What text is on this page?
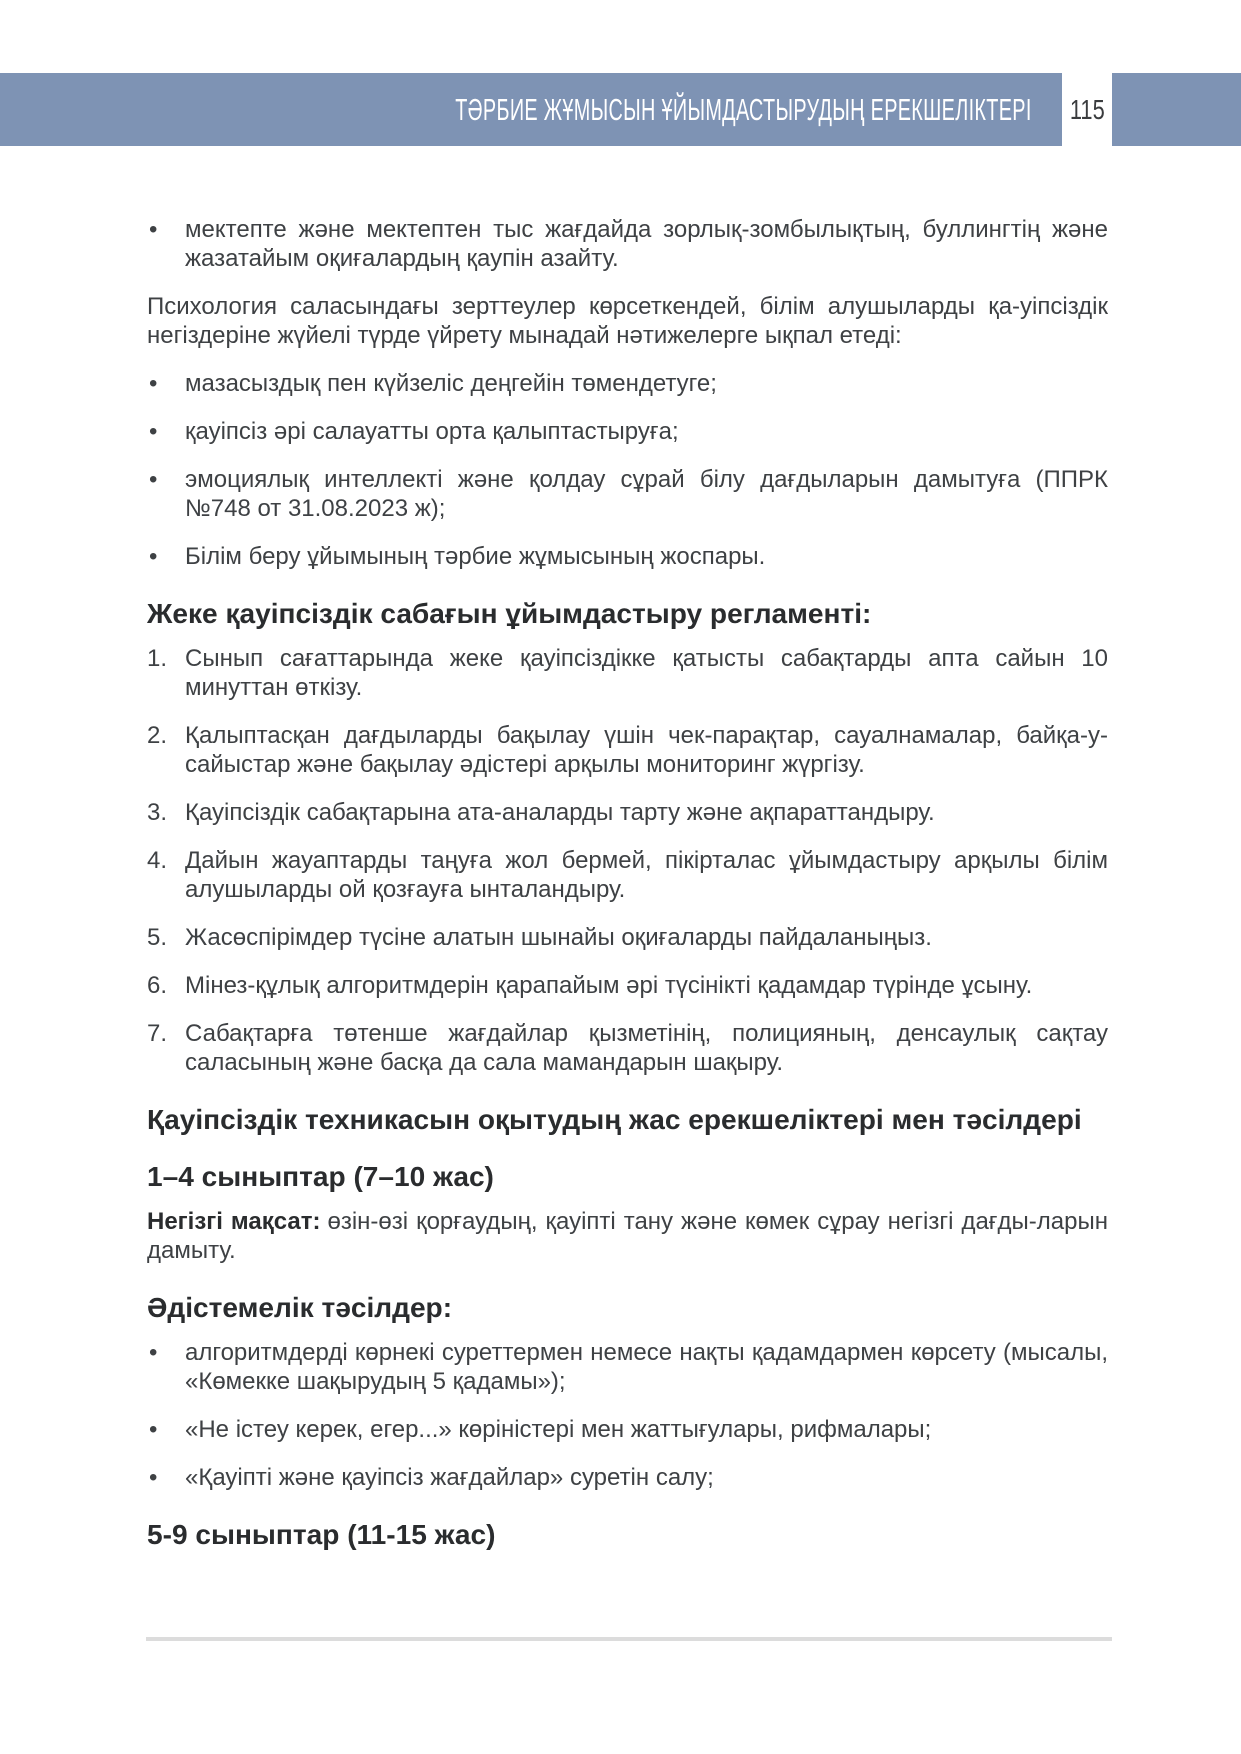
ТӘРБИЕ ЖҰМЫСЫН ҰЙЫМДАСТЫРУДЫҢ ЕРЕКШЕЛІКТЕРІ 115
• мектепте және мектептен тыс жағдайда зорлық-зомбылықтың, буллингтің және жазатайым оқиғалардың қаупін азайту.

Психология саласындағы зерттеулер көрсеткендей, білім алушыларды қа-уіпсіздік негіздеріне жүйелі түрде үйрету мынадай нәтижелерге ықпал етеді:

• мазасыздық пен күйзеліс деңгейін төмендетуге;
• қауіпсіз әрі салауатты орта қалыптастыруға;
• эмоциялық интеллекті және қолдау сұрай білу дағдыларын дамытуға (ППРК №748 от 31.08.2023 ж);
• Білім беру ұйымының тәрбие жұмысының жоспары.
Жеке қауіпсіздік сабағын ұйымдастыру регламенті:
1. Сынып сағаттарында жеке қауіпсіздікке қатысты сабақтарды апта сайын 10 минуттан өткізу.
2. Қалыптасқан дағдыларды бақылау үшін чек-парақтар, сауалнамалар, байқа-у-сайыстар және бақылау әдістері арқылы мониторинг жүргізу.
3. Қауіпсіздік сабақтарына ата-аналарды тарту және ақпараттандыру.
4. Дайын жауаптарды таңуға жол бермей, пікірталас ұйымдастыру арқылы білім алушыларды ой қозғауға ынталандыру.
5. Жасөспірімдер түсіне алатын шынайы оқиғаларды пайдаланыңыз.
6. Мінез-құлық алгоритмдерін қарапайым әрі түсінікті қадамдар түрінде ұсыну.
7. Сабақтарға төтенше жағдайлар қызметінің, полицияның, денсаулық сақтау саласының және басқа да сала мамандарын шақыру.
Қауіпсіздік техникасын оқытудың жас ерекшеліктері мен тәсілдері
1–4 сыныптар (7–10 жас)

Негізгі мақсат: өзін-өзі қорғаудың, қауіпті тану және көмек сұрау негізгі дағды-ларын дамыту.

Әдістемелік тәсілдер:
• алгоритмдерді көрнекі суреттермен немесе нақты қадамдармен көрсету (мысалы, «Көмекке шақырудың 5 қадамы»);
• «Не істеу керек, егер...» көріністері мен жаттығулары, рифмалары;
• «Қауіпті және қауіпсіз жағдайлар» суретін салу;
5-9 сыныптар (11-15 жас)
